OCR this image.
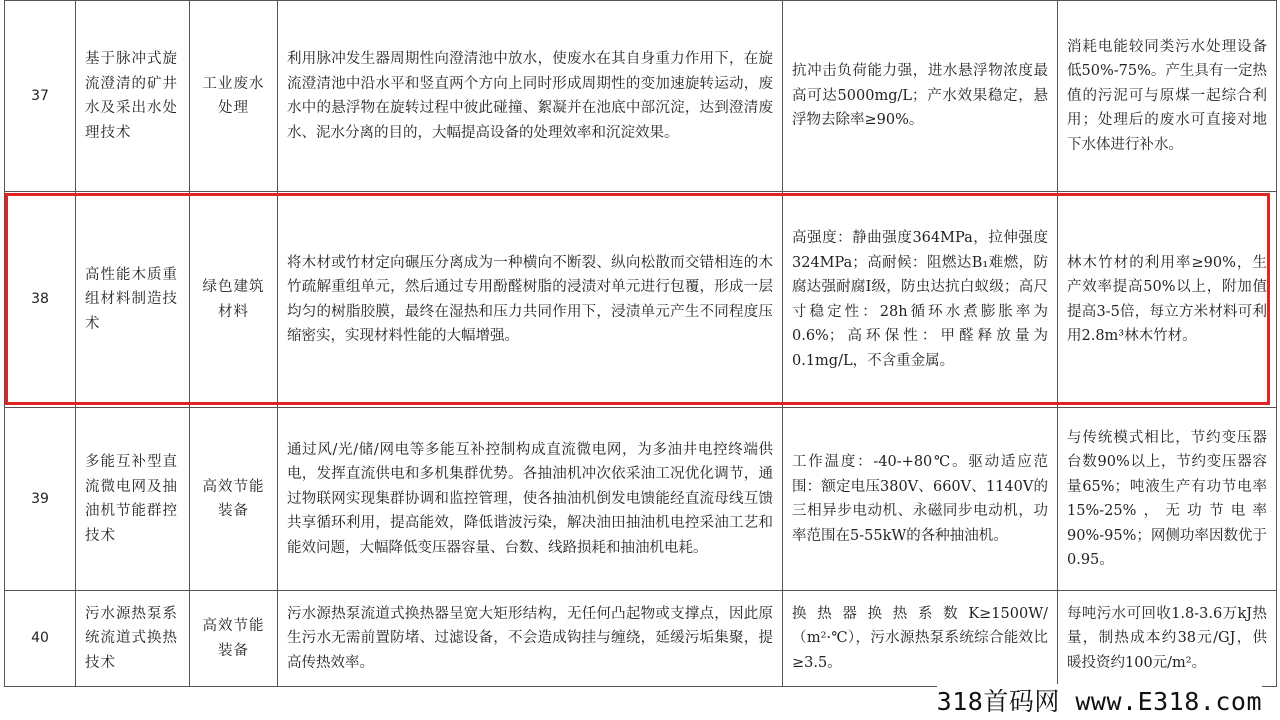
37	基于脉冲式旋流澄清的矿井水及采出水处理技术	工业废水处理	利用脉冲发生器周期性向澄清池中放水，使废水在其自身重力作用下，在旋流澄清池中沿水平和竖直两个方向上同时形成周期性的变加速旋转运动，废水中的悬浮物在旋转过程中彼此碰撞、絮凝并在池底中部沉淀，达到澄清废水、泥水分离的目的，大幅提高设备的处理效率和沉淀效果。	抗冲击负荷能力强，进水悬浮物浓度最高可达5000mg/L；产水效果稳定，悬浮物去除率≥90%。	消耗电能较同类污水处理设备低50%-75%。产生具有一定热值的污泥可与原煤一起综合利用；处理后的废水可直接对地下水体进行补水。
38	高性能木质重组材料制造技术	绿色建筑材料	将木材或竹材定向碾压分离成为一种横向不断裂、纵向松散而交错相连的木竹疏解重组单元，然后通过专用酚醛树脂的浸渍对单元进行包覆，形成一层均匀的树脂胶膜，最终在湿热和压力共同作用下，浸渍单元产生不同程度压缩密实，实现材料性能的大幅增强。	高强度：静曲强度364MPa，拉伸强度324MPa；高耐候：阻燃达B₁难燃，防腐达强耐腐I级，防虫达抗白蚁级；高尺寸稳定性：28h循环水煮膨胀率为0.6%；高环保性：甲醛释放量为0.1mg/L，不含重金属。	林木竹材的利用率≥90%，生产效率提高50%以上，附加值提高3-5倍，每立方米材料可利用2.8m³林木竹材。
39	多能互补型直流微电网及抽油机节能群控技术	高效节能装备	通过风/光/储/网电等多能互补控制构成直流微电网，为多油井电控终端供电，发挥直流供电和多机集群优势。各抽油机冲次依采油工况优化调节，通过物联网实现集群协调和监控管理，使各抽油机倒发电馈能经直流母线互馈共享循环利用，提高能效，降低谐波污染，解决油田抽油机电控采油工艺和能效问题，大幅降低变压器容量、台数、线路损耗和抽油机电耗。	工作温度：-40-+80℃。驱动适应范围：额定电压380V、660V、1140V的三相异步电动机、永磁同步电动机，功率范围在5-55kW的各种抽油机。	与传统模式相比，节约变压器台数90%以上，节约变压器容量65%；吨液生产有功节电率15%-25%，无功节电率90%-95%；网侧功率因数优于0.95。
40	污水源热泵系统流道式换热技术	高效节能装备	污水源热泵流道式换热器呈宽大矩形结构，无任何凸起物或支撑点，因此原生污水无需前置防堵、过滤设备，不会造成钩挂与缠绕，延缓污垢集聚，提高传热效率。	换热器换热系数K≥1500W/（m²·℃），污水源热泵系统综合能效比≥3.5。	每吨污水可回收1.8-3.6万kJ热量，制热成本约38元/GJ，供暖投资约100元/m²。
318首码网 www.E318.com
